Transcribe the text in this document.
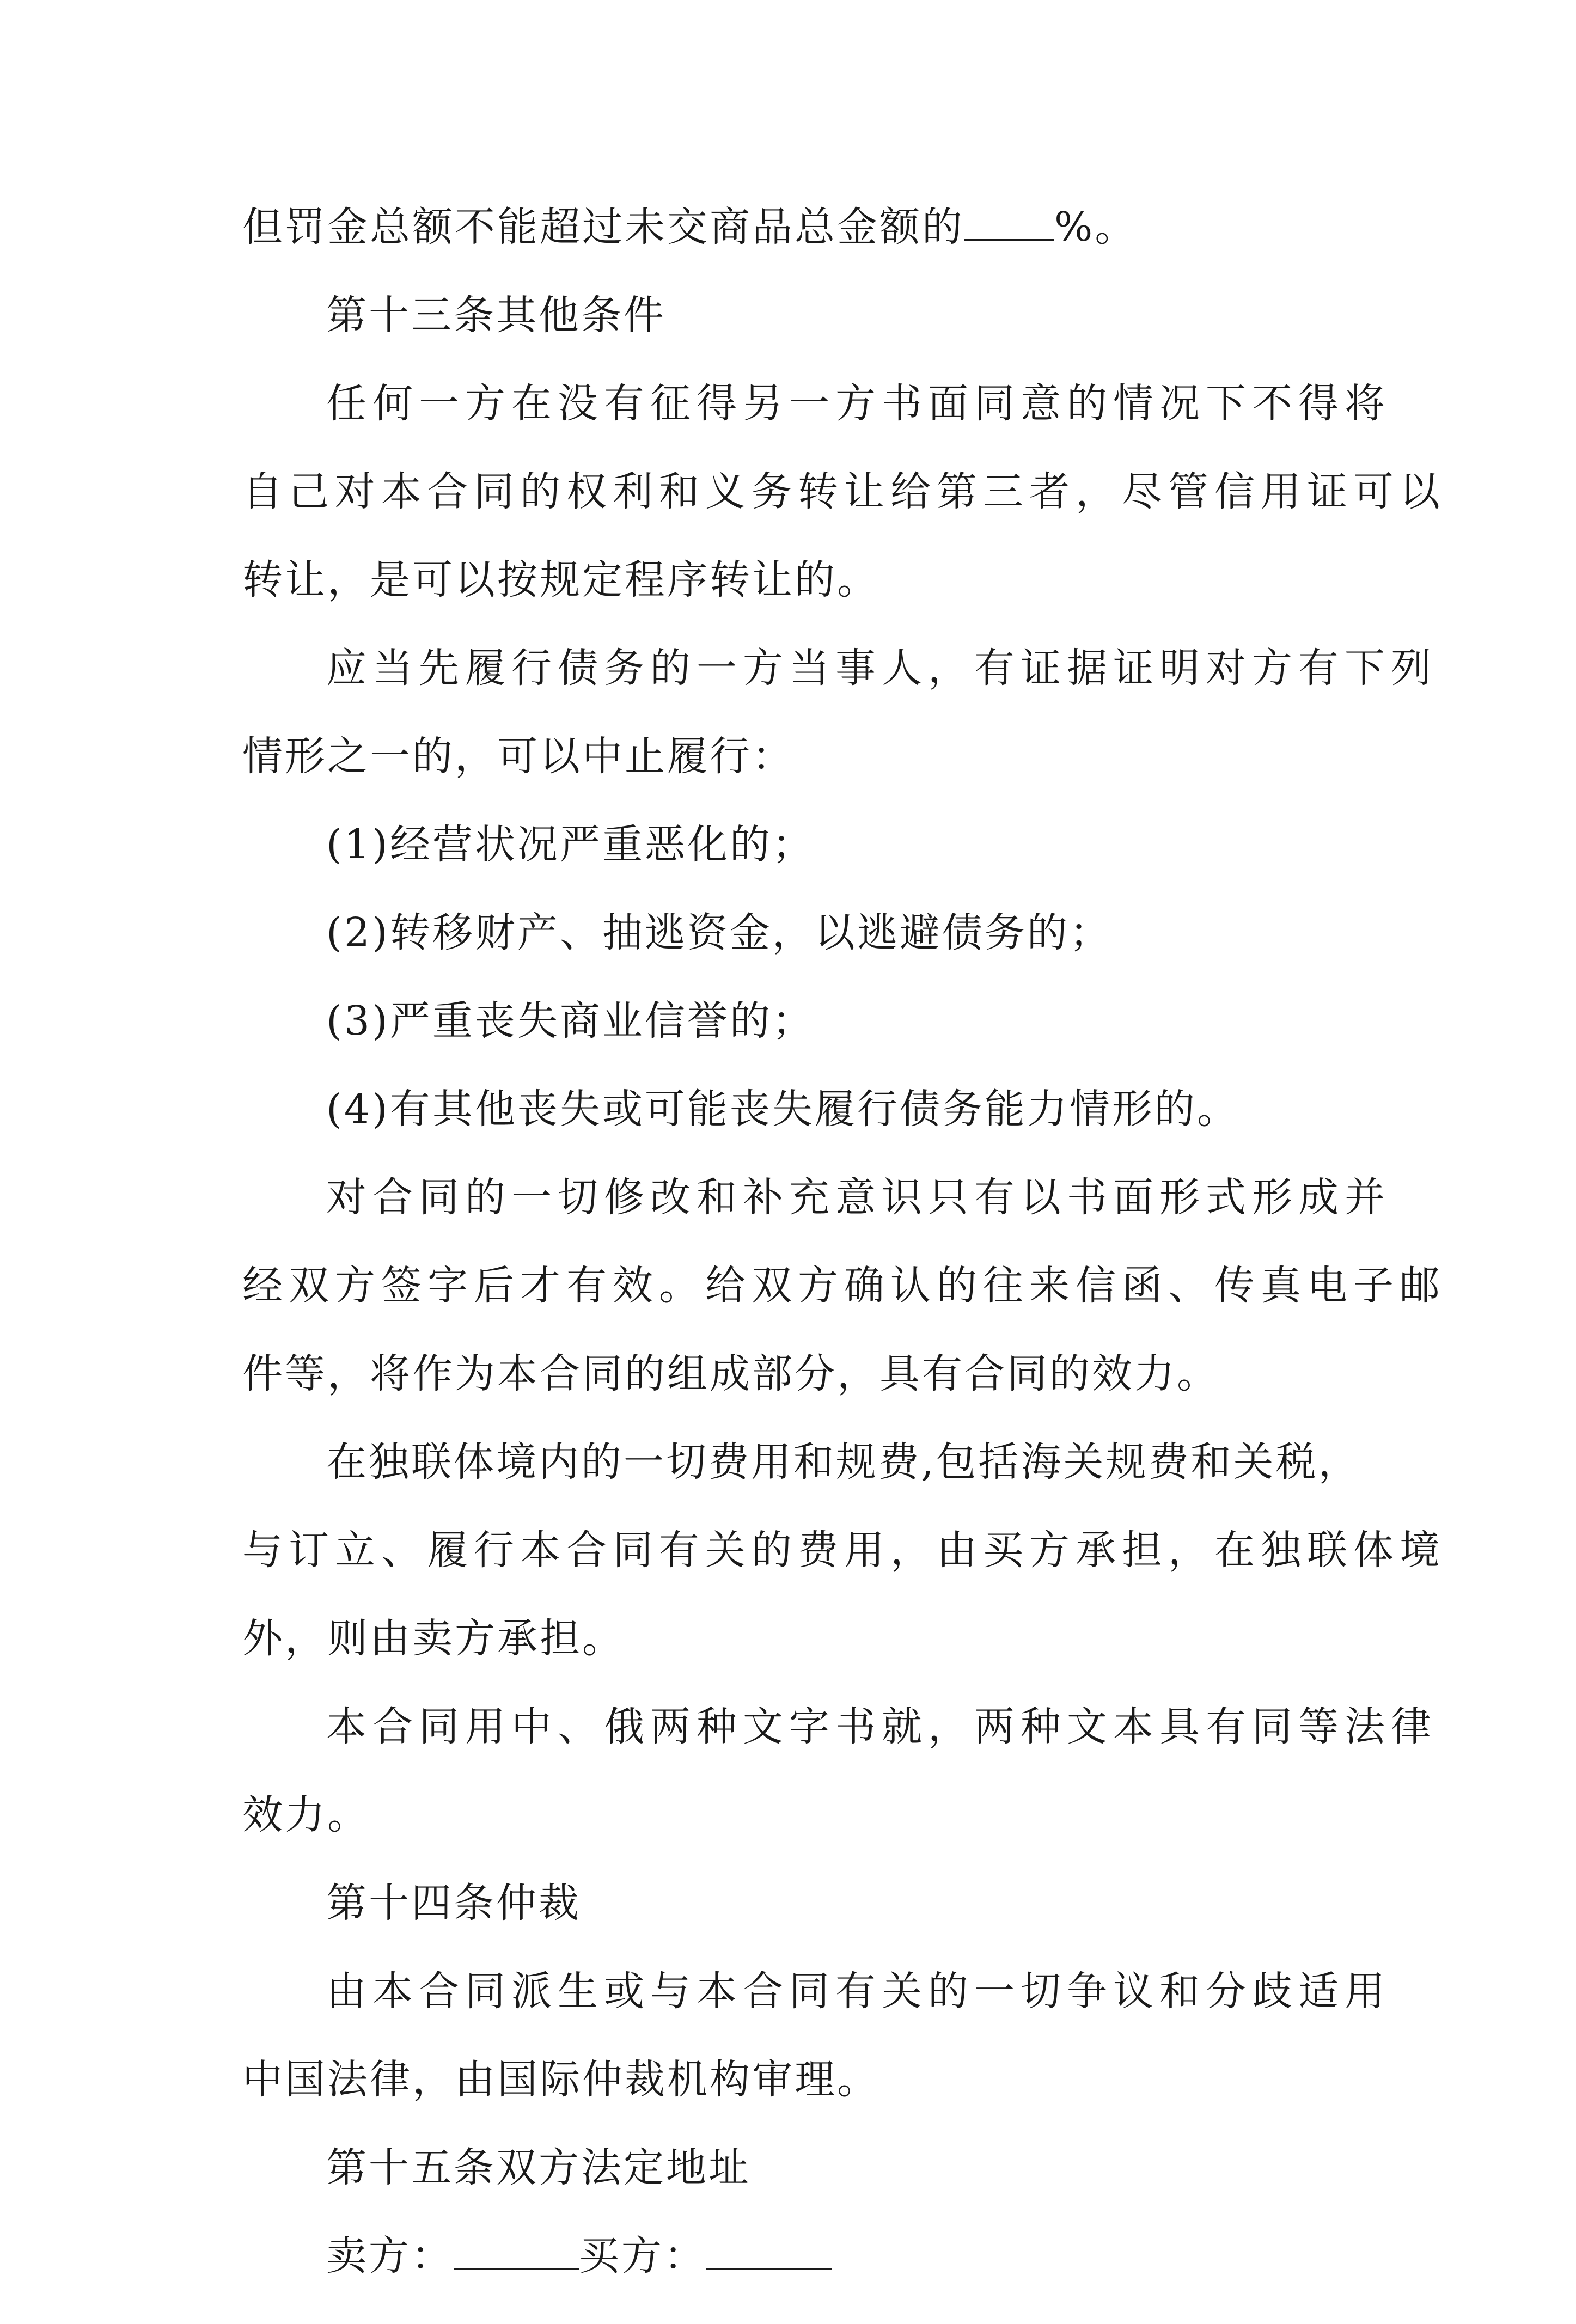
但罚金总额不能超过未交商品总金额的 %。
第十三条其他条件
任何一方在没有征得另一方书面同意的情况下不得将
自己对本合同的权利和义务转让给第三者，尽管信用证可以
转让，是可以按规定程序转让的。
应当先履行债务的一方当事人，有证据证明对方有下列
情形之一的，可以中止履行：
(1)经营状况严重恶化的；
(2)转移财产、抽逃资金，以逃避债务的；
(3)严重丧失商业信誉的；
(4)有其他丧失或可能丧失履行债务能力情形的。
对合同的一切修改和补充意识只有以书面形式形成并
经双方签字后才有效。给双方确认的往来信函、传真电子邮
件等，将作为本合同的组成部分，具有合同的效力。
在独联体境内的一切费用和规费,包括海关规费和关税，
与订立、履行本合同有关的费用，由买方承担，在独联体境
外，则由卖方承担。
本合同用中、俄两种文字书就，两种文本具有同等法律
效力。
第十四条仲裁
由本合同派生或与本合同有关的一切争议和分歧适用
中国法律，由国际仲裁机构审理。
第十五条双方法定地址
卖方：	买方：
